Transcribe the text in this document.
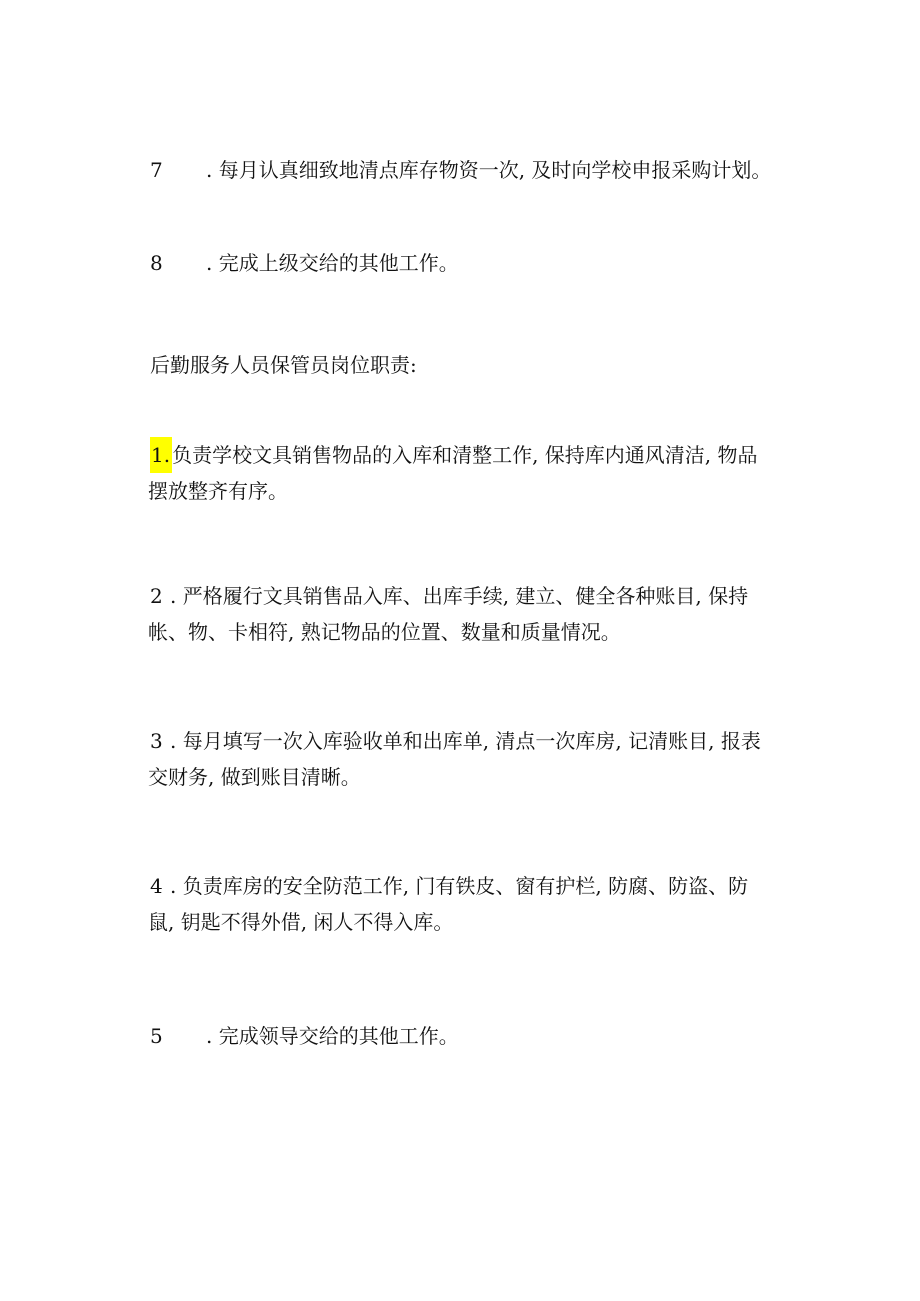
7 . 每月认真细致地清点库存物资一次, 及时向学校申报采购计划。

8 . 完成上级交给的其他工作。

后勤服务人员保管员岗位职责:

1. 负责学校文具销售物品的入库和清整工作, 保持库内通风清洁, 物品
摆放整齐有序。

2 . 严格履行文具销售品入库、出库手续, 建立、健全各种账目, 保持
帐、物、卡相符, 熟记物品的位置、数量和质量情况。

3 . 每月填写一次入库验收单和出库单, 清点一次库房, 记清账目, 报表
交财务, 做到账目清晰。

4 . 负责库房的安全防范工作, 门有铁皮、窗有护栏, 防腐、防盗、防
鼠, 钥匙不得外借, 闲人不得入库。

5 . 完成领导交给的其他工作。
